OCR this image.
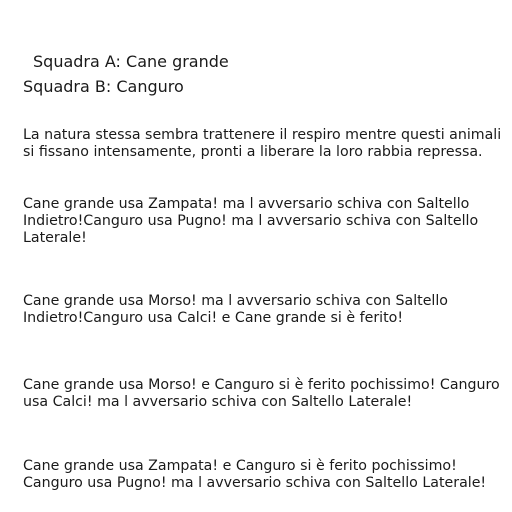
Squadra A: Cane grande
Squadra B: Canguro

La natura stessa sembra trattenere il respiro mentre questi animali si fissano intensamente, pronti a liberare la loro rabbia repressa.

Cane grande usa Zampata! ma l avversario schiva con Saltello Indietro!Canguro usa Pugno! ma l avversario schiva con Saltello Laterale!

Cane grande usa Morso! ma l avversario schiva con Saltello Indietro!Canguro usa Calci! e Cane grande si è ferito!

Cane grande usa Morso! e Canguro si è ferito pochissimo! Canguro usa Calci! ma l avversario schiva con Saltello Laterale!

Cane grande usa Zampata! e Canguro si è ferito pochissimo! Canguro usa Pugno! ma l avversario schiva con Saltello Laterale!
